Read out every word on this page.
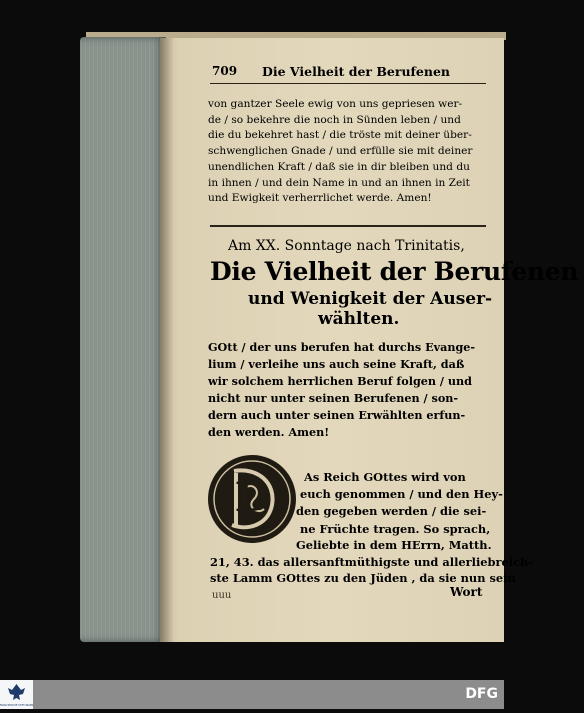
709 Die Vielheit der Berufenen
von gantzer Seele ewig von uns gepriesen wer-
de / so bekehre die noch in Sünden leben / und
die du bekehret hast / die tröste mit deiner über-
schwenglichen Gnade / und erfülle sie mit deiner
unendlichen Kraft / daß sie in dir bleiben und du
in ihnen / und dein Name in und an ihnen in Zeit
und Ewigkeit verherrlichet werde. Amen!
Am XX. Sonntage nach Trinitatis,
Die Vielheit der Berufenen
und Wenigkeit der Auser-
wählten.
GOtt / der uns berufen hat durchs Evange-
lium / verleihe uns auch seine Kraft, daß
wir solchem herrlichen Beruf folgen / und
nicht nur unter seinen Berufenen / son-
dern auch unter seinen Erwählten erfun-
den werden. Amen!
D	As Reich GOttes wird von
euch genommen / und den Hey-
den gegeben werden / die sei-
ne Früchte tragen. So sprach,
Geliebte in dem HErrn, Matth.
21, 43. das allersanftmüthigste und allerliebreich-
ste Lamm GOttes zu den Jüden , da sie nun sein
uuu	Wort
FRANCKESCHE STIFTUNGEN
DFG
